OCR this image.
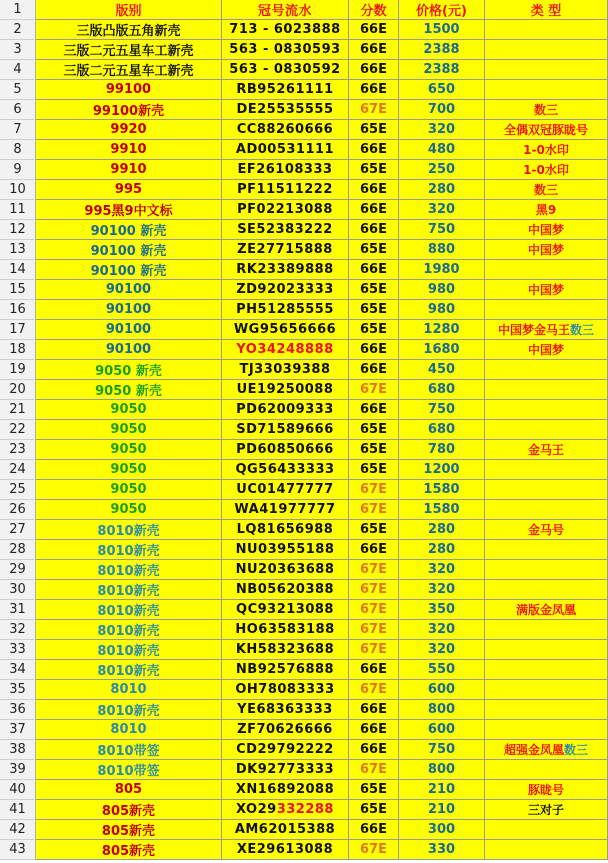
1	版别	冠号流水	分数	价格(元)	类 型
2	三版凸版五角新壳	713 - 6023888 66E	1500
3	三版二元五星车工新壳	563 - 0830593 66E	2388
4	三版二元五星车工新壳	563 - 0830592 66E	2388
5	99100	RB95261111 66E	650
6	99100新壳	DE25535555 67E	700	数三
7	9920	CC88260666 65E	320	全偶双冠豚眬号
8	9910	AD00531111 66E	480	1-0水印
9	9910	EF26108333 65E	250	1-0水印
10	995	PF11511222 66E	280	数三
11	995黑9中文标	PF02213088 66E	320	黑9
12	90100 新壳	SE52383222 66E	750	中国梦
13	90100 新壳	ZE27715888 65E	880	中国梦
14	90100 新壳	RK23389888 66E	1980
15	90100	ZD92023333 65E	980	中国梦
16	90100	PH51285555 65E	980
17	90100	WG95656666 65E	1280	中国梦金马王 数三
18	90100	YO34248888 66E	1680	中国梦
19	9050 新壳	TJ33039388 66E	450
20	9050 新壳	UE19250088 67E	680
21	9050	PD62009333 66E	750
22	9050	SD71589666 65E	680
23	9050	PD60850666 65E	780	金马王
24	9050	QG56433333 65E	1200
25	9050	UC01477777 67E	1580
26	9050	WA41977777 67E	1580
27	8010新壳	LQ81656988 65E	280	金马号
28	8010新壳	NU03955188 66E	280
29	8010新壳	NU20363688 67E	320
30	8010新壳	NB05620388 67E	320
31	8010新壳	QC93213088 67E	350	满版金凤凰
32	8010新壳	HO63583188 67E	320
33	8010新壳	KH58323688 67E	320
34	8010新壳	NB92576888 66E	550
35	8010	OH78083333 67E	600
36	8010新壳	YE68363333 66E	800
37	8010	ZF70626666 66E	600
38	8010带签	CD29792222 66E	750	超强金凤凰 数三
39	8010带签	DK92773333 67E	800
40	805	XN16892088 65E	210	豚眬号
41	805新壳	XO29 332288 65E	210	三对子
42	805新壳	AM62015388 66E	300
43	805新壳	XE29613088 67E	330
